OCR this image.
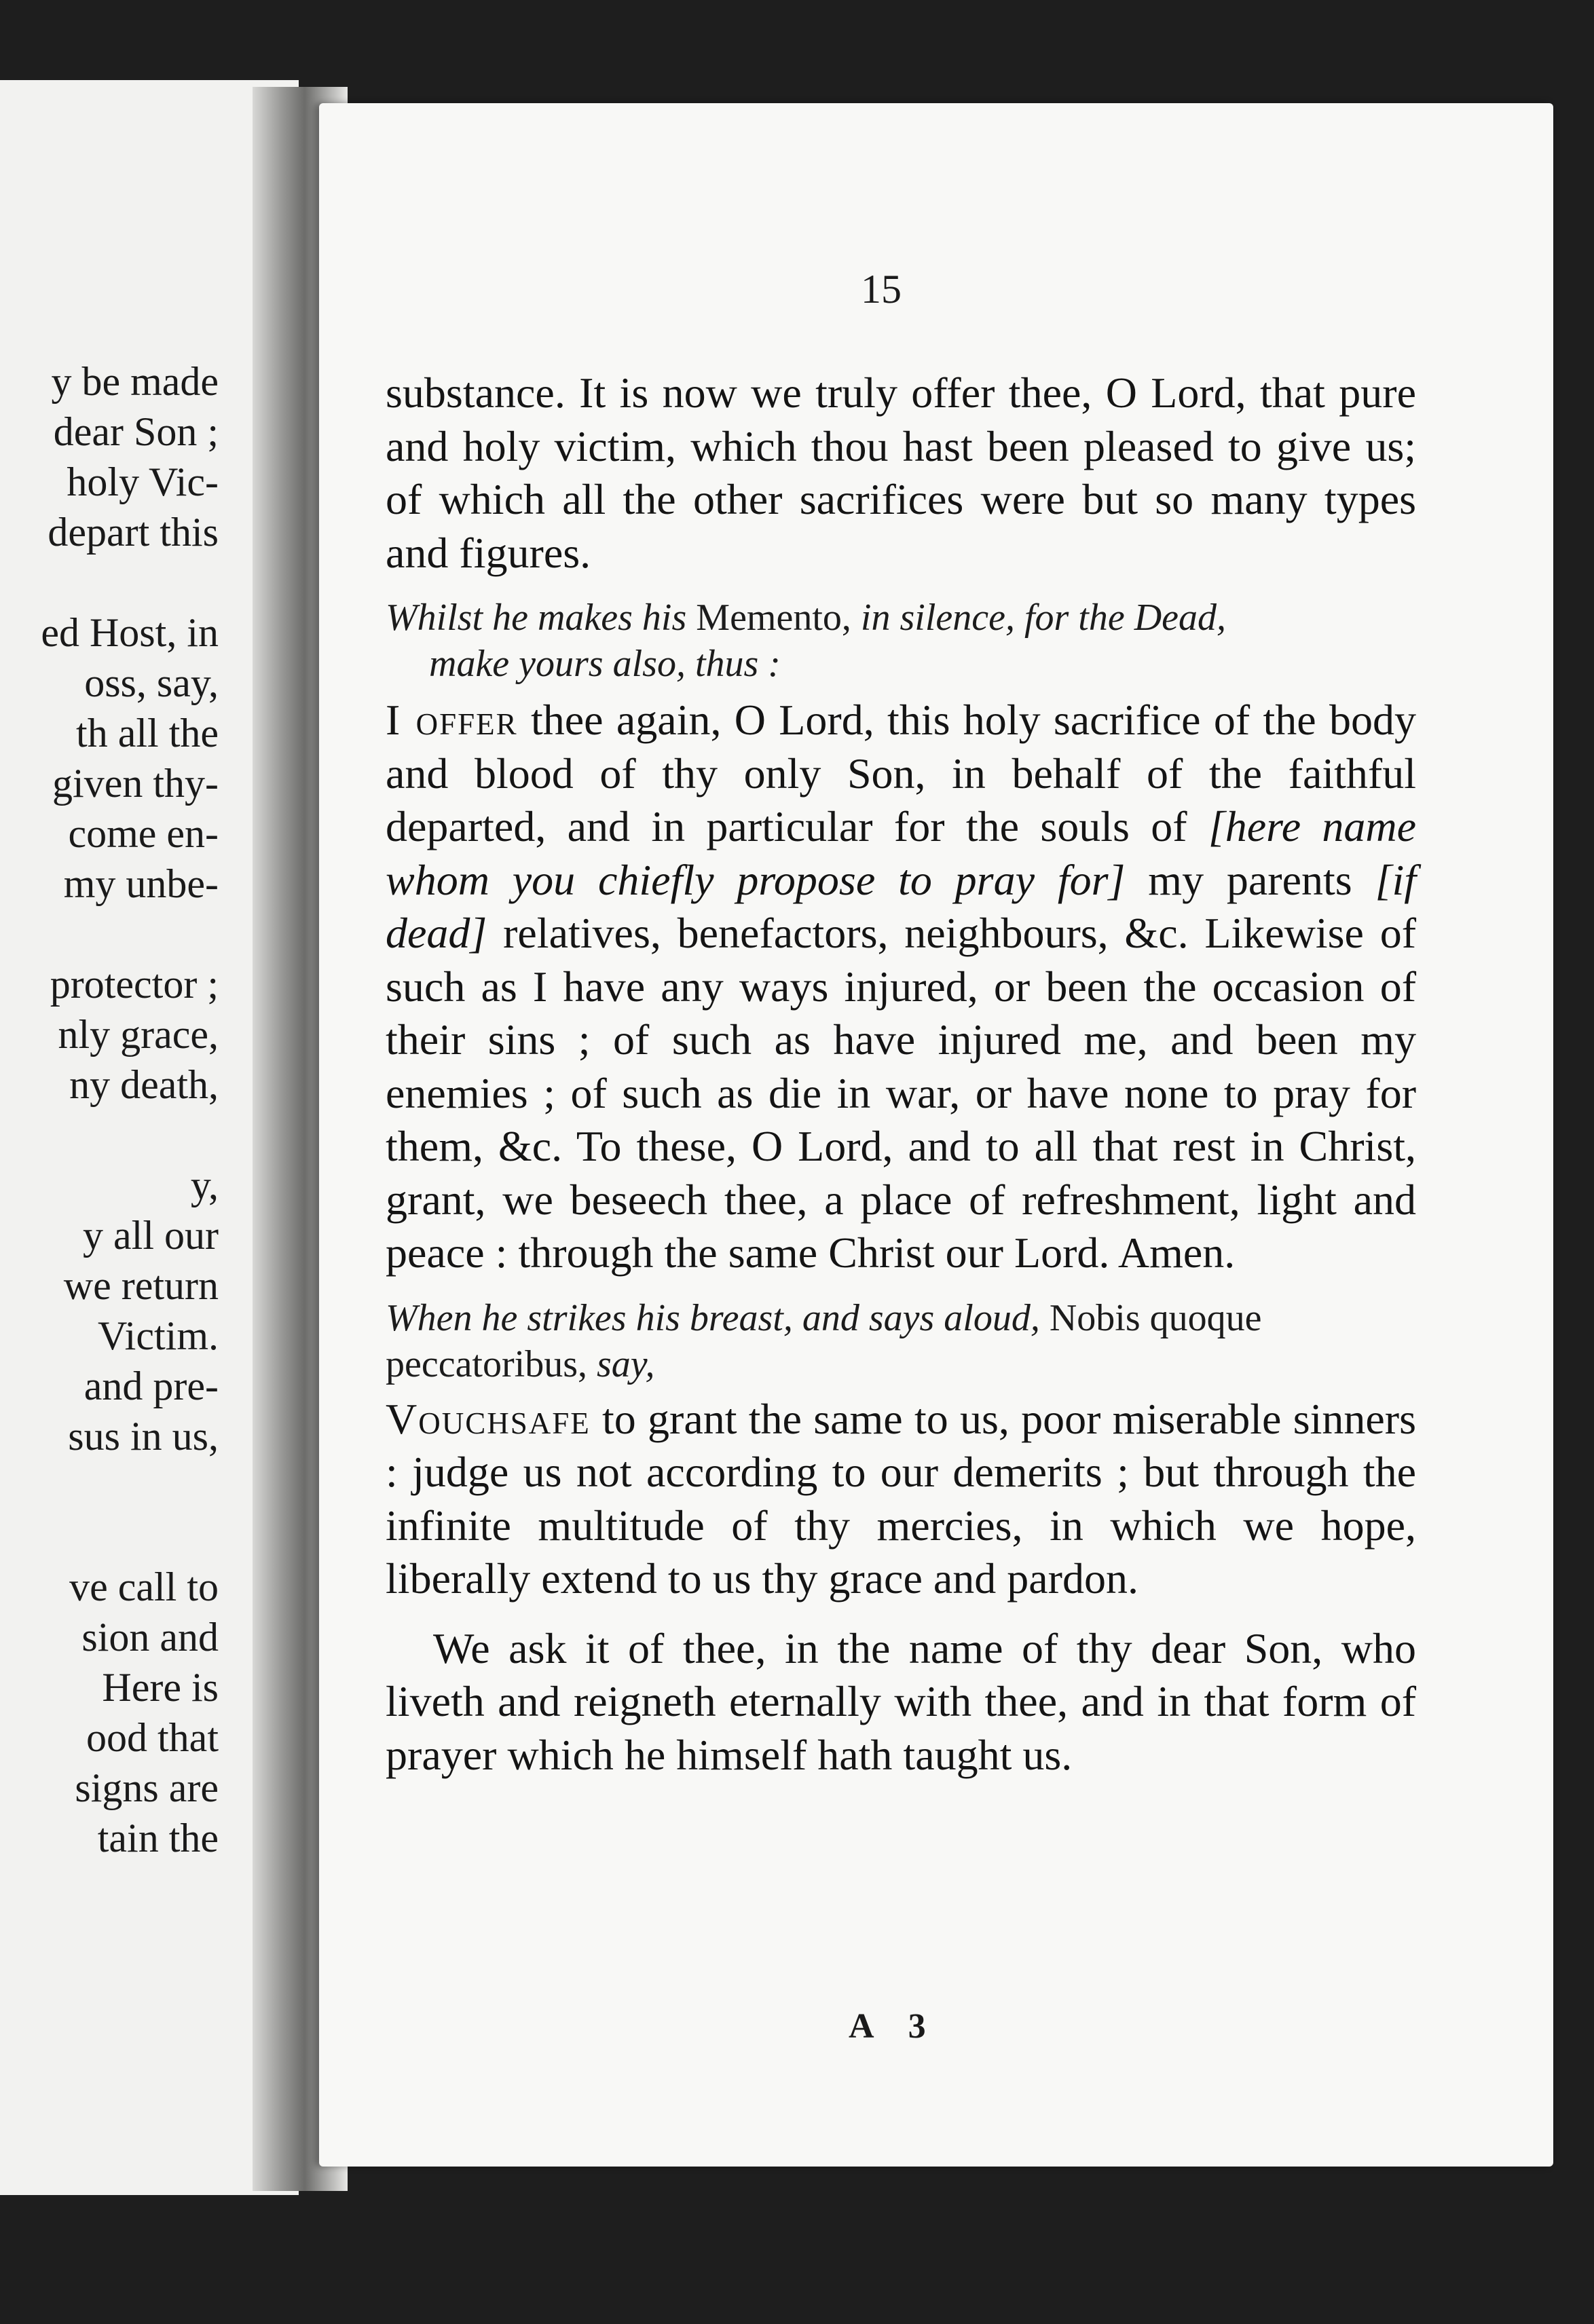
y be made
dear Son ;
holy Vic-
depart this
ed Host, in
oss, say,
th all the
given thy-
come en-
my unbe-
protector ;
nly grace,
ny death,
y,
y all our
we return
Victim.
and pre-
sus in us,
ve call to
sion and
Here is
ood that
signs are
tain the
15

substance. It is now we truly offer thee, O Lord, that pure and holy victim, which thou hast been pleased to give us; of which all the other sacrifices were but so many types and figures.

Whilst he makes his Memento, in silence, for the Dead,

make yours also, thus :

I offer thee again, O Lord, this holy sacrifice of the body and blood of thy only Son, in behalf of the faithful departed, and in particular for the souls of [here name whom you chiefly propose to pray for] my parents [if dead] relatives, benefactors, neighbours, &c. Likewise of such as I have any ways injured, or been the occasion of their sins ; of such as have injured me, and been my enemies ; of such as die in war, or have none to pray for them, &c. To these, O Lord, and to all that rest in Christ, grant, we beseech thee, a place of refreshment, light and peace : through the same Christ our Lord. Amen.

When he strikes his breast, and says aloud, Nobis quoque peccatoribus, say,

Vouchsafe to grant the same to us, poor miserable sinners : judge us not according to our demerits ; but through the infinite multitude of thy mercies, in which we hope, liberally extend to us thy grace and pardon.

We ask it of thee, in the name of thy dear Son, who liveth and reigneth eternally with thee, and in that form of prayer which he himself hath taught us.

A 3
